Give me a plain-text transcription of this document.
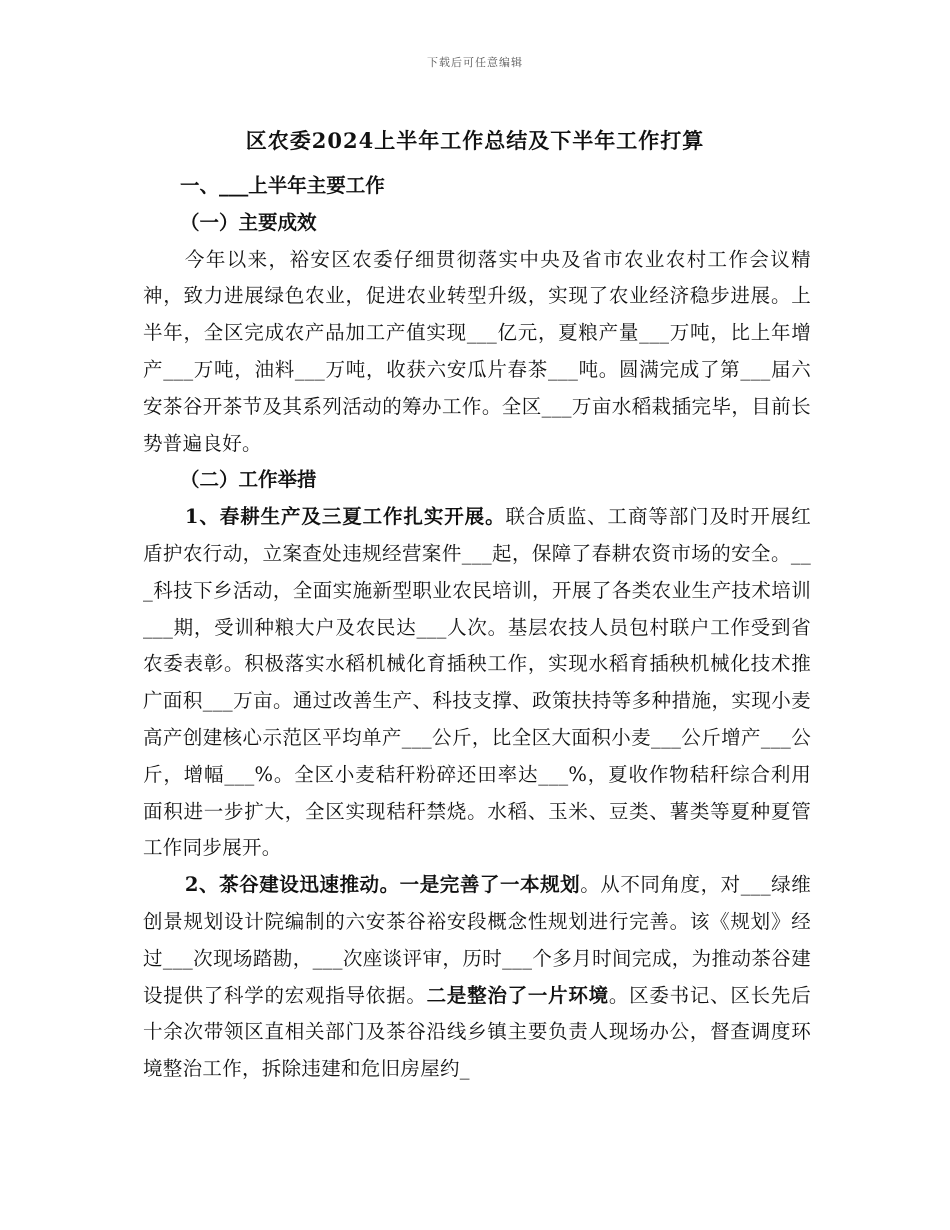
下载后可任意编辑
区农委2024上半年工作总结及下半年工作打算

一、___上半年主要工作

（一）主要成效

今年以来，裕安区农委仔细贯彻落实中央及省市农业农村工作会议精神，致力进展绿色农业，促进农业转型升级，实现了农业经济稳步进展。上半年，全区完成农产品加工产值实现___亿元，夏粮产量___万吨，比上年增产___万吨，油料___万吨，收获六安瓜片春茶___吨。圆满完成了第___届六安茶谷开茶节及其系列活动的筹办工作。全区___万亩水稻栽插完毕，目前长势普遍良好。

（二）工作举措

1、春耕生产及三夏工作扎实开展。联合质监、工商等部门及时开展红盾护农行动，立案查处违规经营案件___起，保障了春耕农资市场的安全。___科技下乡活动，全面实施新型职业农民培训，开展了各类农业生产技术培训___期，受训种粮大户及农民达___人次。基层农技人员包村联户工作受到省农委表彰。积极落实水稻机械化育插秧工作，实现水稻育插秧机械化技术推广面积___万亩。通过改善生产、科技支撑、政策扶持等多种措施，实现小麦高产创建核心示范区平均单产___公斤，比全区大面积小麦___公斤增产___公斤，增幅___%。全区小麦秸秆粉碎还田率达___%，夏收作物秸秆综合利用面积进一步扩大，全区实现秸秆禁烧。水稻、玉米、豆类、薯类等夏种夏管工作同步展开。

2、茶谷建设迅速推动。一是完善了一本规划。从不同角度，对___绿维创景规划设计院编制的六安茶谷裕安段概念性规划进行完善。该《规划》经过___次现场踏勘，___次座谈评审，历时___个多月时间完成，为推动茶谷建设提供了科学的宏观指导依据。二是整治了一片环境。区委书记、区长先后十余次带领区直相关部门及茶谷沿线乡镇主要负责人现场办公，督查调度环境整治工作，拆除违建和危旧房屋约_
